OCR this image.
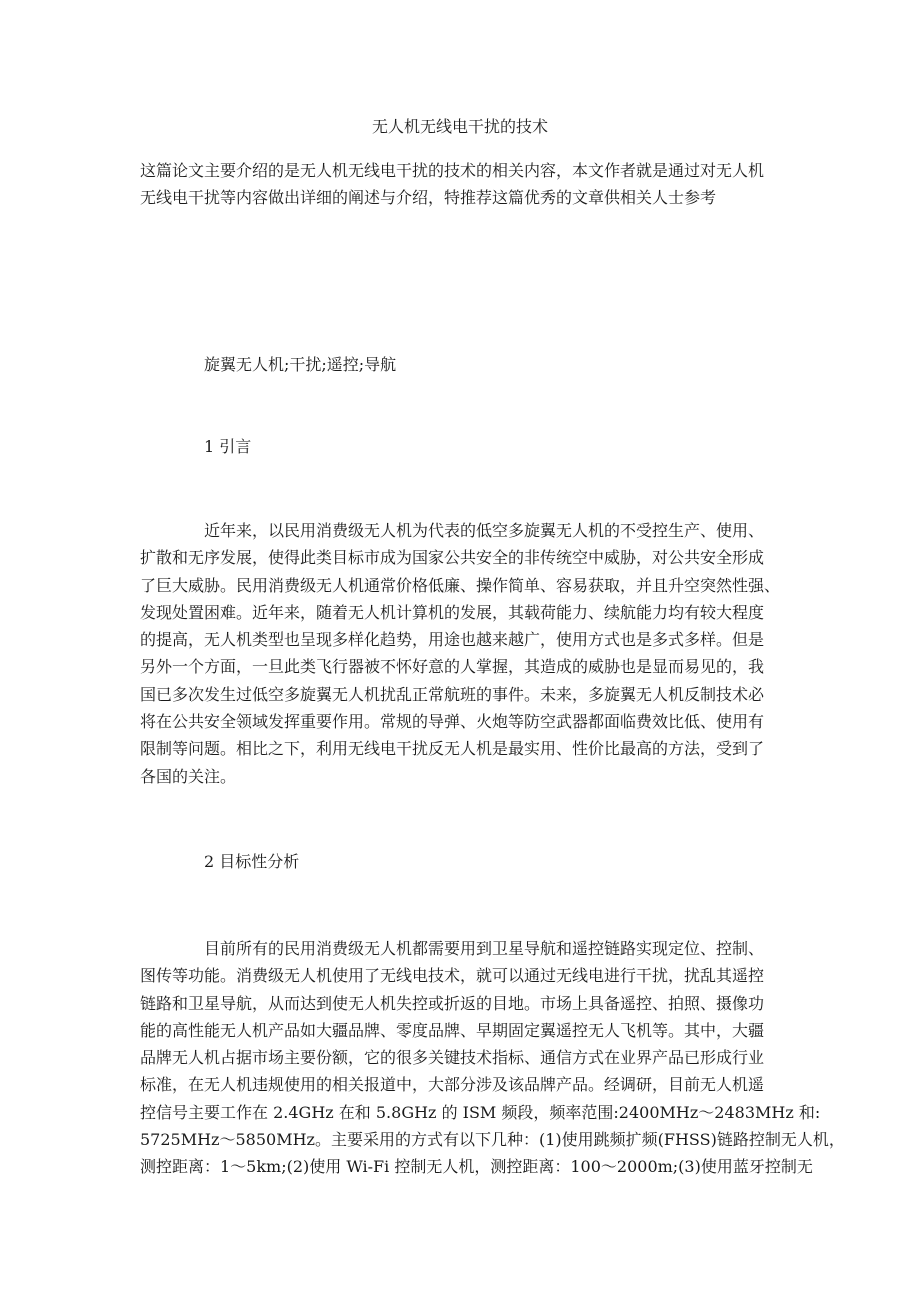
无人机无线电干扰的技术
这篇论文主要介绍的是无人机无线电干扰的技术的相关内容，本文作者就是通过对无人机
无线电干扰等内容做出详细的阐述与介绍，特推荐这篇优秀的文章供相关人士参考
旋翼无人机;干扰;遥控;导航
1 引言
近年来，以民用消费级无人机为代表的低空多旋翼无人机的不受控生产、使用、
扩散和无序发展，使得此类目标市成为国家公共安全的非传统空中威胁，对公共安全形成
了巨大威胁。民用消费级无人机通常价格低廉、操作简单、容易获取，并且升空突然性强、
发现处置困难。近年来，随着无人机计算机的发展，其载荷能力、续航能力均有较大程度
的提高，无人机类型也呈现多样化趋势，用途也越来越广，使用方式也是多式多样。但是
另外一个方面，一旦此类飞行器被不怀好意的人掌握，其造成的威胁也是显而易见的，我
国已多次发生过低空多旋翼无人机扰乱正常航班的事件。未来，多旋翼无人机反制技术必
将在公共安全领域发挥重要作用。常规的导弹、火炮等防空武器都面临费效比低、使用有
限制等问题。相比之下，利用无线电干扰反无人机是最实用、性价比最高的方法，受到了
各国的关注。
2 目标性分析
目前所有的民用消费级无人机都需要用到卫星导航和遥控链路实现定位、控制、
图传等功能。消费级无人机使用了无线电技术，就可以通过无线电进行干扰，扰乱其遥控
链路和卫星导航，从而达到使无人机失控或折返的目地。市场上具备遥控、拍照、摄像功
能的高性能无人机产品如大疆品牌、零度品牌、早期固定翼遥控无人飞机等。其中，大疆
品牌无人机占据市场主要份额，它的很多关键技术指标、通信方式在业界产品已形成行业
标准，在无人机违规使用的相关报道中，大部分涉及该品牌产品。经调研，目前无人机遥
控信号主要工作在 2.4GHz 在和 5.8GHz 的 ISM 频段，频率范围:2400MHz～2483MHz 和:
5725MHz～5850MHz。主要采用的方式有以下几种：(1)使用跳频扩频(FHSS)链路控制无人机，
测控距离：1～5km;(2)使用 Wi-Fi 控制无人机，测控距离：100～2000m;(3)使用蓝牙控制无
